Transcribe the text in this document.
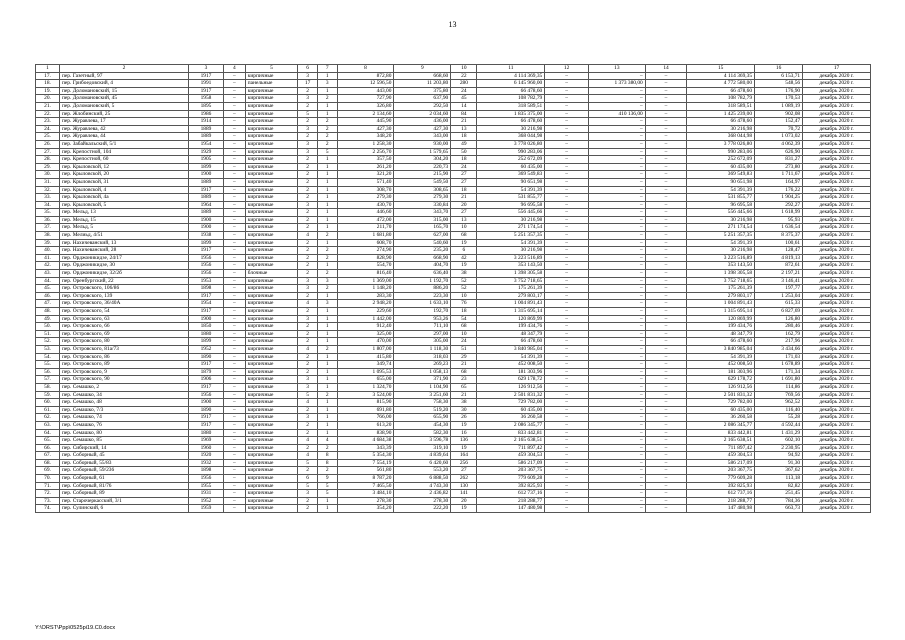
13
1	2	3	4	5	6	7	8	9	10	11	12	13	14	15	16	17
17.	пер. Газетный, 97	1917	–	кирпичные	3	1	872,80	668,60	22	4 114 369,35	–	–	–	4 114 369,35	6 153,71	декабрь 2020 г.
18.	пер. Грибоедовский, 4	1991	–	панельные	17	3	12 596,50	11 203,80	280	6 145 960,00	–	1 373 380,00	–	4 772 580,00	548,56	декабрь 2020 г.
19.	пер. Доломановский, 15	1917	–	кирпичные	2	1	443,00	375,80	24	66 478,60	–	–	–	66 478,60	176,90	декабрь 2020 г.
20.	пер. Доломановский, 45	1958	–	кирпичные	3	2	727,90	637,90	45	108 782,79	–	–	–	108 782,79	170,53	декабрь 2020 г.
21.	пер. Доломановский, 5	1895	–	кирпичные	2	1	326,80	292,50	14	318 589,51	–	–	–	318 589,51	1 089,19	декабрь 2020 г.
22.	пер. Жлобинский, 25	1986	–	кирпичные	5	1	2 134,60	2 034,60	84	1 835 375,00	–	410 136,00	–	1 425 239,00	902,08	декабрь 2020 г.
23.	пер. Журавлева, 17	1914	–	кирпичные	2	2	445,90	436,00	21	66 478,60	–	–	–	66 478,60	152,47	декабрь 2020 г.
24.	пер. Журавлева, 42	1889	–	кирпичные	3	2	427,30	427,30	13	30 216,98	–	–	–	30 216,98	70,72	декабрь 2020 г.
25.	пер. Журавлева, 44	1889	–	кирпичные	2	2	348,20	343,00	18	368 044,98	–	–	–	368 044,98	1 073,02	декабрь 2020 г.
26.	пер. Забайкальский, 5/1	1954	–	кирпичные	3	2	1 258,30	930,00	49	3 778 026,80	–	–	–	3 778 026,80	4 062,39	декабрь 2020 г.
27.	пер. Крепостной, 104	1929	–	кирпичные	3	5	2 256,70	1 579,65	50	990 283,06	–	–	–	990 283,06	626,90	декабрь 2020 г.
28.	пер. Крепостной, 60	1905	–	кирпичные	2	1	357,50	304,20	18	252 672,09	–	–	–	252 672,09	831,27	декабрь 2020 г.
29.	пер. Крыловской, 12	1899	–	кирпичные	2	1	261,20	220,73	24	60 435,00	–	–	–	60 435,00	273,80	декабрь 2020 г.
30.	пер. Крыловской, 20	1900	–	кирпичные	2	1	321,20	215,90	27	369 549,83	–	–	–	369 549,83	1 711,67	декабрь 2020 г.
31.	пер. Крыловской, 31	1889	–	кирпичные	2	1	571,40	549,50	27	90 651,98	–	–	–	90 651,98	164,97	декабрь 2020 г.
32.	пер. Крыловской, 4	1917	–	кирпичные	2	1	308,70	308,65	18	54 391,39	–	–	–	54 391,39	176,22	декабрь 2020 г.
33.	пер. Крыловской, 4а	1889	–	кирпичные	2	1	279,30	279,30	21	531 855,77	–	–	–	531 855,77	1 904,25	декабрь 2020 г.
34.	пер. Крыловской, 5	1964	–	кирпичные	3	1	430,70	330,84	20	96 695,58	–	–	–	96 695,58	292,27	декабрь 2020 г.
35.	пер. Мельд, 13	1889	–	кирпичные	2	1	446,60	343,70	27	556 445,66	–	–	–	556 445,66	1 618,99	декабрь 2020 г.
36.	пер. Мельд, 15	1900	–	кирпичные	2	1	472,00	315,00	13	30 216,98	–	–	–	30 216,98	95,93	декабрь 2020 г.
37.	пер. Мельд, 5	1900	–	кирпичные	2	1	211,70	165,70	10	271 174,54	–	–	–	271 174,54	1 636,54	декабрь 2020 г.
38.	пер. Мелиьд, 4/51	1938	–	кирпичные	4	2	1 681,80	627,00	68	5 251 357,35	–	–	–	5 251 357,35	8 375,37	декабрь 2020 г.
39.	пер. Нахичеванский, 13	1899	–	кирпичные	2	1	608,70	540,60	19	54 391,39	–	–	–	54 391,39	100,61	декабрь 2020 г.
40.	пер. Нахичеванский, 28	1917	–	кирпичные	2	2	274,90	235,20	6	30 216,98	–	–	–	30 216,98	128,47	декабрь 2020 г.
41.	пер. Орджоникидзе, 24/17	1956	–	кирпичные	2	2	828,90	668,90	42	3 223 516,89	–	–	–	3 223 516,89	4 819,13	декабрь 2020 г.
42.	пер. Орджоникидзе, 30	1956	–	кирпичные	2	1	554,70	404,70	19	353 143,50	–	–	–	353 143,50	872,61	декабрь 2020 г.
43.	пер. Орджоникидзе, 32/2б	1956	–	блочные	2	2	816,40	636,40	38	1 398 305,58	–	–	–	1 398 305,58	2 197,21	декабрь 2020 г.
44.	пер. Оренбургский, 22	1953	–	кирпичные	3	3	1 369,00	1 192,70	52	3 752 718,65	–	–	–	3 752 718,65	3 146,41	декабрь 2020 г.
45.	пер. Островского, 106/86	1898	–	кирпичные	3	2	1 148,20	886,20	52	175 261,39	–	–	–	175 261,39	197,77	декабрь 2020 г.
46.	пер. Островского, 139	1917	–	кирпичные	2	1	283,30	223,30	10	279 803,17	–	–	–	279 803,17	1 253,04	декабрь 2020 г.
47.	пер. Островского, 36/40А	1954	–	кирпичные	4	3	2 948,20	1 633,10	76	1 004 891,43	–	–	–	1 004 891,43	615,33	декабрь 2020 г.
48.	пер. Островского, 54	1917	–	кирпичные	2	1	229,60	192,70	18	1 315 695,14	–	–	–	1 315 695,14	6 827,69	декабрь 2020 г.
49.	пер. Островского, 63	1900	–	кирпичные	3	1	1 442,00	953,26	54	120 869,99	–	–	–	120 869,99	126,80	декабрь 2020 г.
50.	пер. Островского, 66	1850	–	кирпичные	2	1	912,40	711,10	68	199 434,76	–	–	–	199 434,76	280,46	декабрь 2020 г.
51.	пер. Островского, 69	1880	–	кирпичные	2	1	325,00	297,00	10	48 347,79	–	–	–	48 347,79	162,79	декабрь 2020 г.
52.	пер. Островского, 80	1899	–	кирпичные	2	1	470,00	305,00	24	66 478,60	–	–	–	66 478,60	217,96	декабрь 2020 г.
53.	пер. Островского, 81а/73	1952	–	кирпичные	4	2	1 807,00	1 118,30	51	3 840 985,04	–	–	–	3 840 985,04	3 434,66	декабрь 2020 г.
54.	пер. Островского, 86	1890	–	кирпичные	2	1	415,80	318,03	29	54 391,39	–	–	–	54 391,39	171,03	декабрь 2020 г.
55.	пер. Островского, 89	1917	–	кирпичные	2	1	349,74	269,23	21	452 008,50	–	–	–	452 008,50	1 678,89	декабрь 2020 г.
56.	пер. Островского, 9	1879	–	кирпичные	2	1	1 095,53	1 058,13	68	181 303,96	–	–	–	181 303,96	171,34	декабрь 2020 г.
57.	пер. Островского, 90	1906	–	кирпичные	3	1	655,00	371,90	23	629 178,72	–	–	–	629 178,72	1 691,80	декабрь 2020 г.
58.	пер. Семашко, 2	1917	–	кирпичные	3	1	1 324,70	1 104,90	65	126 912,56	–	–	–	126 912,56	114,86	декабрь 2020 г.
59.	пер. Семашко, 34	1956	–	кирпичные	5	2	3 524,00	3 251,60	21	2 501 831,32	–	–	–	2 501 831,32	769,56	декабрь 2020 г.
60.	пер. Семашко, 48	1900	–	кирпичные	4	1	815,90	758,30	38	729 782,00	–	–	–	729 782,00	962,52	декабрь 2020 г.
61.	пер. Семашко, 7/3	1890	–	кирпичные	2	1	691,80	519,20	30	60 435,00	–	–	–	60 435,00	116,40	декабрь 2020 г.
62.	пер. Семашко, 74	1917	–	кирпичные	3	1	766,00	655,90	26	36 260,58	–	–	–	36 260,58	55,28	декабрь 2020 г.
63.	пер. Семашко, 76	1917	–	кирпичные	2	1	613,20	454,30	19	2 086 345,77	–	–	–	2 086 345,77	4 592,44	декабрь 2020 г.
64.	пер. Семашко, 80	1880	–	кирпичные	2	1	838,90	582,30	16	833 442,81	–	–	–	833 442,81	1 431,29	декабрь 2020 г.
65.	пер. Семашко, 85	1969	–	кирпичные	4	4	4 684,38	3 596,78	136	2 165 638,51	–	–	–	2 165 638,51	602,10	декабрь 2020 г.
66.	пер. Сибирский, 14	1960	–	кирпичные	2	2	343,39	319,10	19	711 897,42	–	–	–	711 897,42	2 230,95	декабрь 2020 г.
67.	пер. Соборный, 45	1920	–	кирпичные	4	8	5 354,30	4 839,64	164	459 304,53	–	–	–	459 304,53	94,92	декабрь 2020 г.
68.	пер. Соборный, 55/83	1932	–	кирпичные	5	8	7 554,19	6 420,60	256	586 217,09	–	–	–	586 217,09	91,30	декабрь 2020 г.
69.	пер. Соборный, 59/236	1898	–	кирпичные	2	2	561,80	553,20	27	203 367,75	–	–	–	203 367,75	367,62	декабрь 2020 г.
70.	пер. Соборный, 61	1956	–	кирпичные	6	9	8 787,20	6 888,50	262	779 609,28	–	–	–	779 609,28	113,18	декабрь 2020 г.
71.	пер. Соборный, 81/76	1955	–	кирпичные	5	5	7 465,50	4 743,30	130	392 825,93	–	–	–	392 825,93	82,82	декабрь 2020 г.
72.	пер. Соборный, 89	1931	–	кирпичные	3	5	3 484,10	2 436,82	141	612 737,16	–	–	–	612 737,16	251,45	декабрь 2020 г.
73.	пер. Старочеркасский, 3/1	1952	–	кирпичные	2	1	278,30	278,30	20	218 288,77	–	–	–	218 288,77	784,36	декабрь 2020 г.
74.	пер. Сулинский, 6	1959	–	кирпичные	2	1	354,20	222,20	19	147 480,98	–	–	–	147 480,98	663,73	декабрь 2020 г.
Y:\ORST\Ppp\0525pi19.C0.docx
